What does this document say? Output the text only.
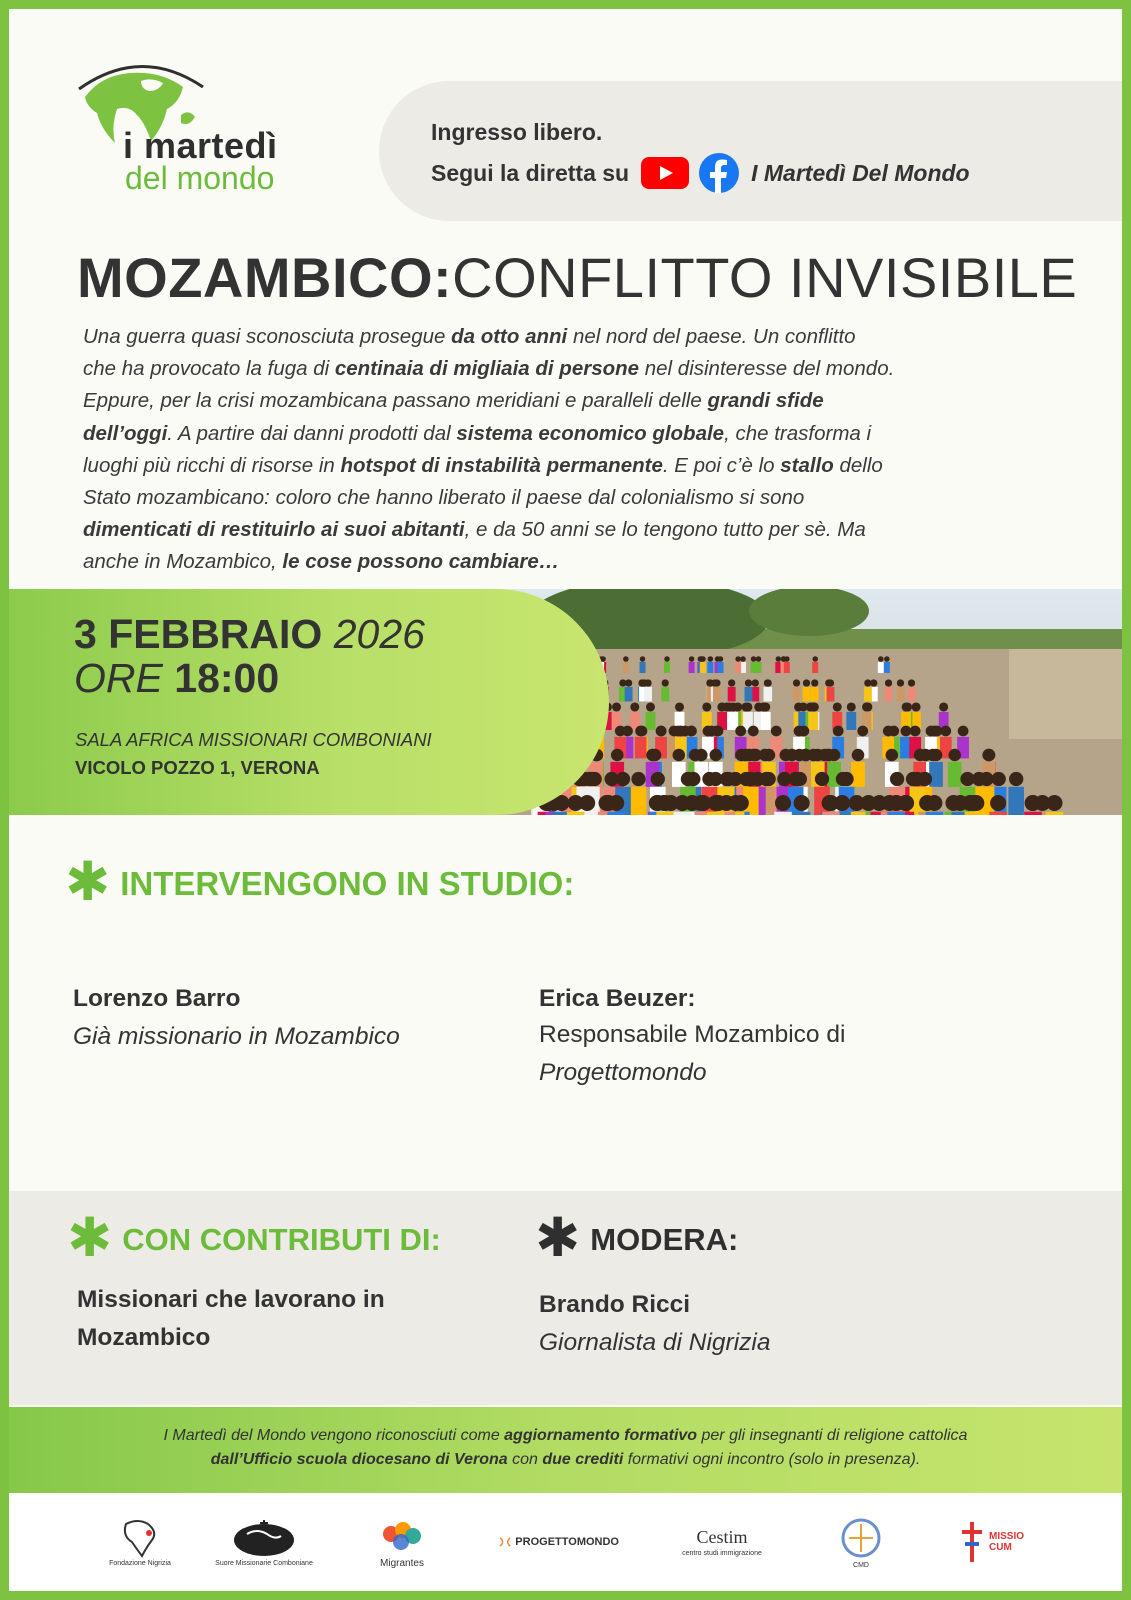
i martedì
del mondo
Ingresso libero.
Segui la diretta su	I Martedì Del Mondo
MOZAMBICO:CONFLITTO INVISIBILE
Una guerra quasi sconosciuta prosegue da otto anni nel nord del paese. Un conflitto
che ha provocato la fuga di centinaia di migliaia di persone nel disinteresse del mondo.
Eppure, per la crisi mozambicana passano meridiani e paralleli delle grandi sfide
dell’oggi. A partire dai danni prodotti dal sistema economico globale, che trasforma i
luoghi più ricchi di risorse in hotspot di instabilità permanente. E poi c’è lo stallo dello
Stato mozambicano: coloro che hanno liberato il paese dal colonialismo si sono
dimenticati di restituirlo ai suoi abitanti, e da 50 anni se lo tengono tutto per sè. Ma
anche in Mozambico, le cose possono cambiare…
3 FEBBRAIO 2026
ORE 18:00
SALA AFRICA MISSIONARI COMBONIANI
VICOLO POZZO 1, VERONA
✱ INTERVENGONO IN STUDIO:
Lorenzo Barro
Già missionario in Mozambico
Erica Beuzer:
Responsabile Mozambico di
Progettomondo
✱ CON CONTRIBUTI DI:
Missionari che lavorano in
Mozambico
✱ MODERA:
Brando Ricci
Giornalista di Nigrizia

I Martedì del Mondo vengono riconosciuti come aggiornamento formativo per gli insegnanti di religione cattolica

dall’Ufficio scuola diocesano di Verona con due crediti formativi ogni incontro (solo in presenza).

Fondazione Nigrizia	Suore Missionarie Comboniane	Migrantes
PROGETTOMONDO	Cestim
centro studi immigrazione
CMD
MISSIO CUM
